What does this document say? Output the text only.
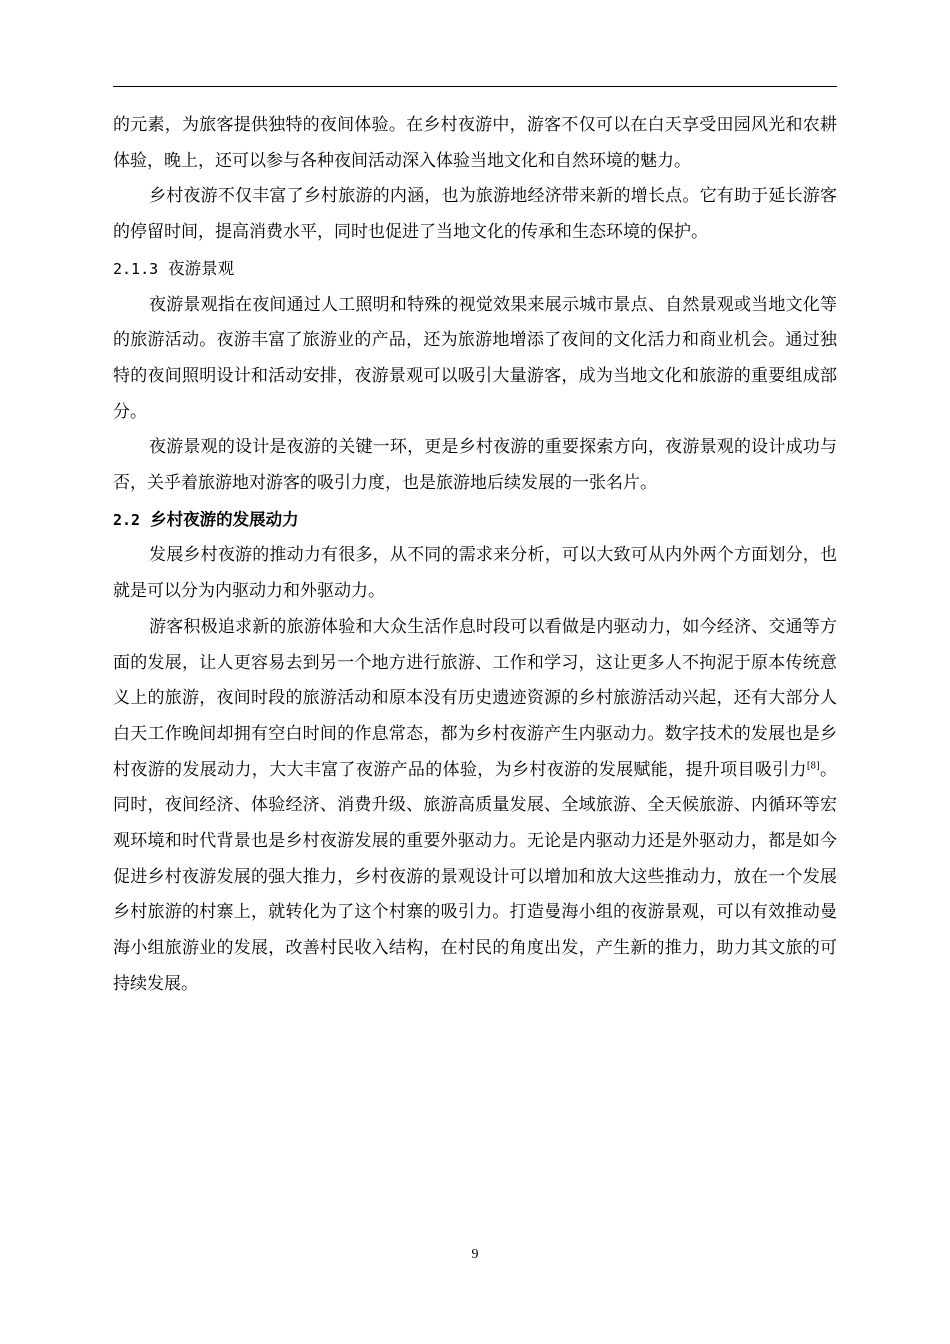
的元素，为旅客提供独特的夜间体验。在乡村夜游中，游客不仅可以在白天享受田园风光和农耕体验，晚上，还可以参与各种夜间活动深入体验当地文化和自然环境的魅力。

乡村夜游不仅丰富了乡村旅游的内涵，也为旅游地经济带来新的增长点。它有助于延长游客的停留时间，提高消费水平，同时也促进了当地文化的传承和生态环境的保护。

2.1.3 夜游景观

夜游景观指在夜间通过人工照明和特殊的视觉效果来展示城市景点、自然景观或当地文化等的旅游活动。夜游丰富了旅游业的产品，还为旅游地增添了夜间的文化活力和商业机会。通过独特的夜间照明设计和活动安排，夜游景观可以吸引大量游客，成为当地文化和旅游的重要组成部分。

夜游景观的设计是夜游的关键一环，更是乡村夜游的重要探索方向，夜游景观的设计成功与否，关乎着旅游地对游客的吸引力度，也是旅游地后续发展的一张名片。

2.2 乡村夜游的发展动力

发展乡村夜游的推动力有很多，从不同的需求来分析，可以大致可从内外两个方面划分，也就是可以分为内驱动力和外驱动力。

游客积极追求新的旅游体验和大众生活作息时段可以看做是内驱动力，如今经济、交通等方面的发展，让人更容易去到另一个地方进行旅游、工作和学习，这让更多人不拘泥于原本传统意义上的旅游，夜间时段的旅游活动和原本没有历史遗迹资源的乡村旅游活动兴起，还有大部分人白天工作晚间却拥有空白时间的作息常态，都为乡村夜游产生内驱动力。数字技术的发展也是乡村夜游的发展动力，大大丰富了夜游产品的体验，为乡村夜游的发展赋能，提升项目吸引力[8]。同时，夜间经济、体验经济、消费升级、旅游高质量发展、全域旅游、全天候旅游、内循环等宏观环境和时代背景也是乡村夜游发展的重要外驱动力。无论是内驱动力还是外驱动力，都是如今促进乡村夜游发展的强大推力，乡村夜游的景观设计可以增加和放大这些推动力，放在一个发展乡村旅游的村寨上，就转化为了这个村寨的吸引力。打造曼海小组的夜游景观，可以有效推动曼海小组旅游业的发展，改善村民收入结构，在村民的角度出发，产生新的推力，助力其文旅的可持续发展。

9
